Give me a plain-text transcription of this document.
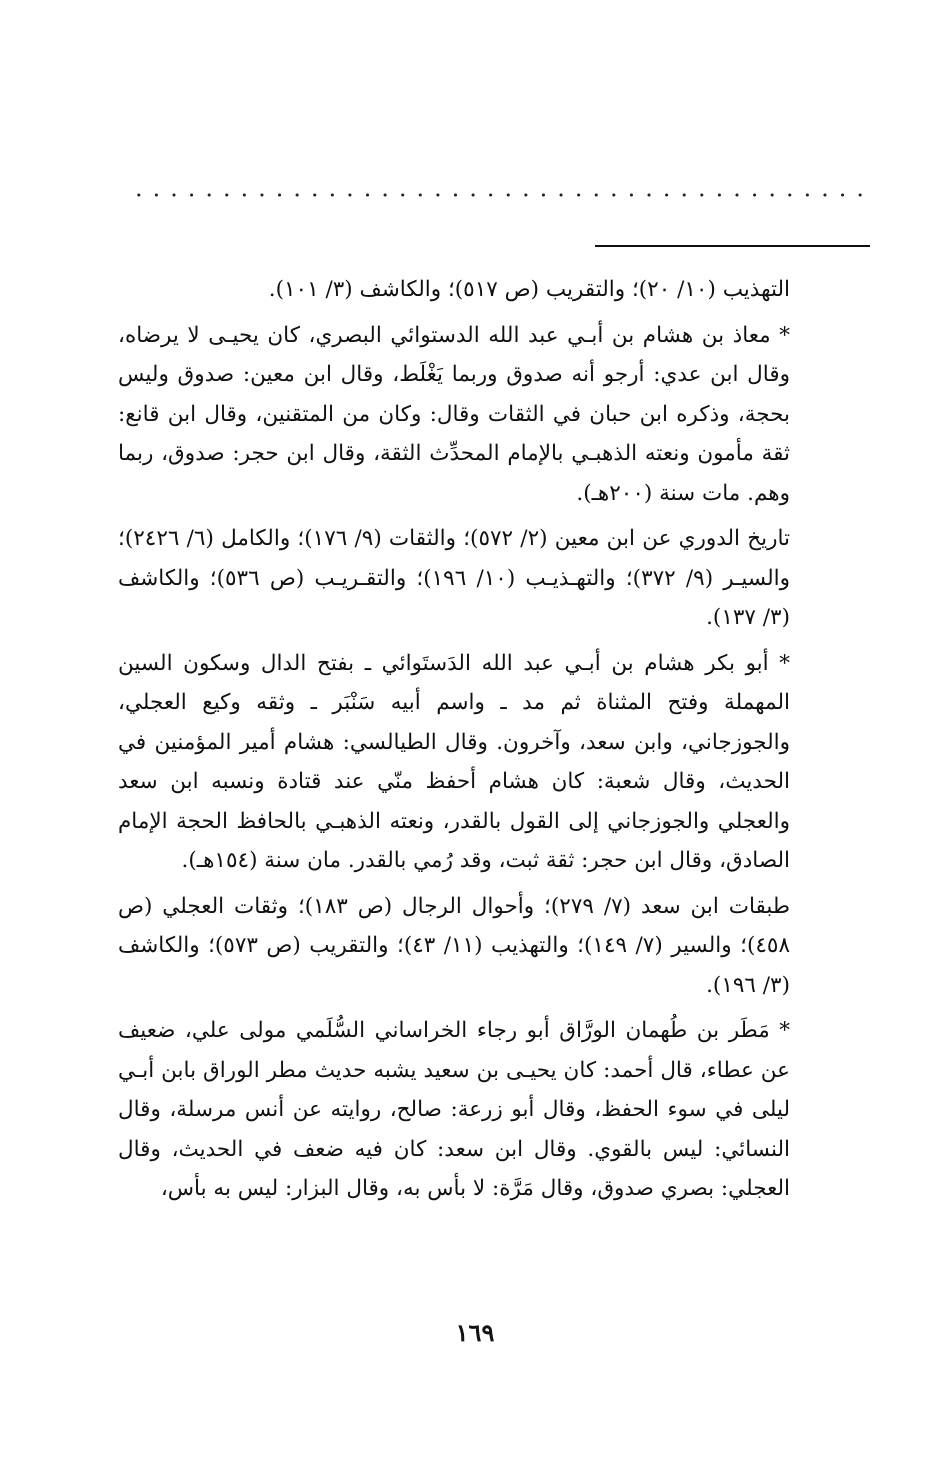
التهذيب (١٠/ ٢٠)؛ والتقريب (ص ٥١٧)؛ والكاشف (٣/ ١٠١).

* معاذ بن هشام بن أبـي عبد الله الدستوائي البصري، كان يحيـى لا يرضاه، وقال ابن عدي: أرجو أنه صدوق وربما يَغْلَط، وقال ابن معين: صدوق وليس بحجة، وذكره ابن حبان في الثقات وقال: وكان من المتقنين، وقال ابن قانع: ثقة مأمون ونعته الذهبـي بالإمام المحدِّث الثقة، وقال ابن حجر: صدوق، ربما وهم. مات سنة (٢٠٠هـ).

تاريخ الدوري عن ابن معين (٢/ ٥٧٢)؛ والثقات (٩/ ١٧٦)؛ والكامل (٦/ ٢٤٢٦)؛ والسيـر (٩/ ٣٧٢)؛ والتهـذيـب (١٠/ ١٩٦)؛ والتقـريـب (ص ٥٣٦)؛ والكاشف (٣/ ١٣٧).

* أبو بكر هشام بن أبـي عبد الله الدَستَوائي ـ بفتح الدال وسكون السين المهملة وفتح المثناة ثم مد ـ واسم أبيه سَنْبَر ـ وثقه وكيع العجلي، والجوزجاني، وابن سعد، وآخرون. وقال الطيالسي: هشام أمير المؤمنين في الحديث، وقال شعبة: كان هشام أحفظ منّي عند قتادة ونسبه ابن سعد والعجلي والجوزجاني إلى القول بالقدر، ونعته الذهبـي بالحافظ الحجة الإمام الصادق، وقال ابن حجر: ثقة ثبت، وقد رُمي بالقدر. مان سنة (١٥٤هـ).

طبقات ابن سعد (٧/ ٢٧٩)؛ وأحوال الرجال (ص ١٨٣)؛ وثقات العجلي (ص ٤٥٨)؛ والسير (٧/ ١٤٩)؛ والتهذيب (١١/ ٤٣)؛ والتقريب (ص ٥٧٣)؛ والكاشف (٣/ ١٩٦).

* مَطَر بن طُهمان الورَّاق أبو رجاء الخراساني السُّلَمي مولى علي، ضعيف عن عطاء، قال أحمد: كان يحيـى بن سعيد يشبه حديث مطر الوراق بابن أبـي ليلى في سوء الحفظ، وقال أبو زرعة: صالح، روايته عن أنس مرسلة، وقال النسائي: ليس بالقوي. وقال ابن سعد: كان فيه ضعف في الحديث، وقال العجلي: بصري صدوق، وقال مَرَّة: لا بأس به، وقال البزار: ليس به بأس،

١٦٩
